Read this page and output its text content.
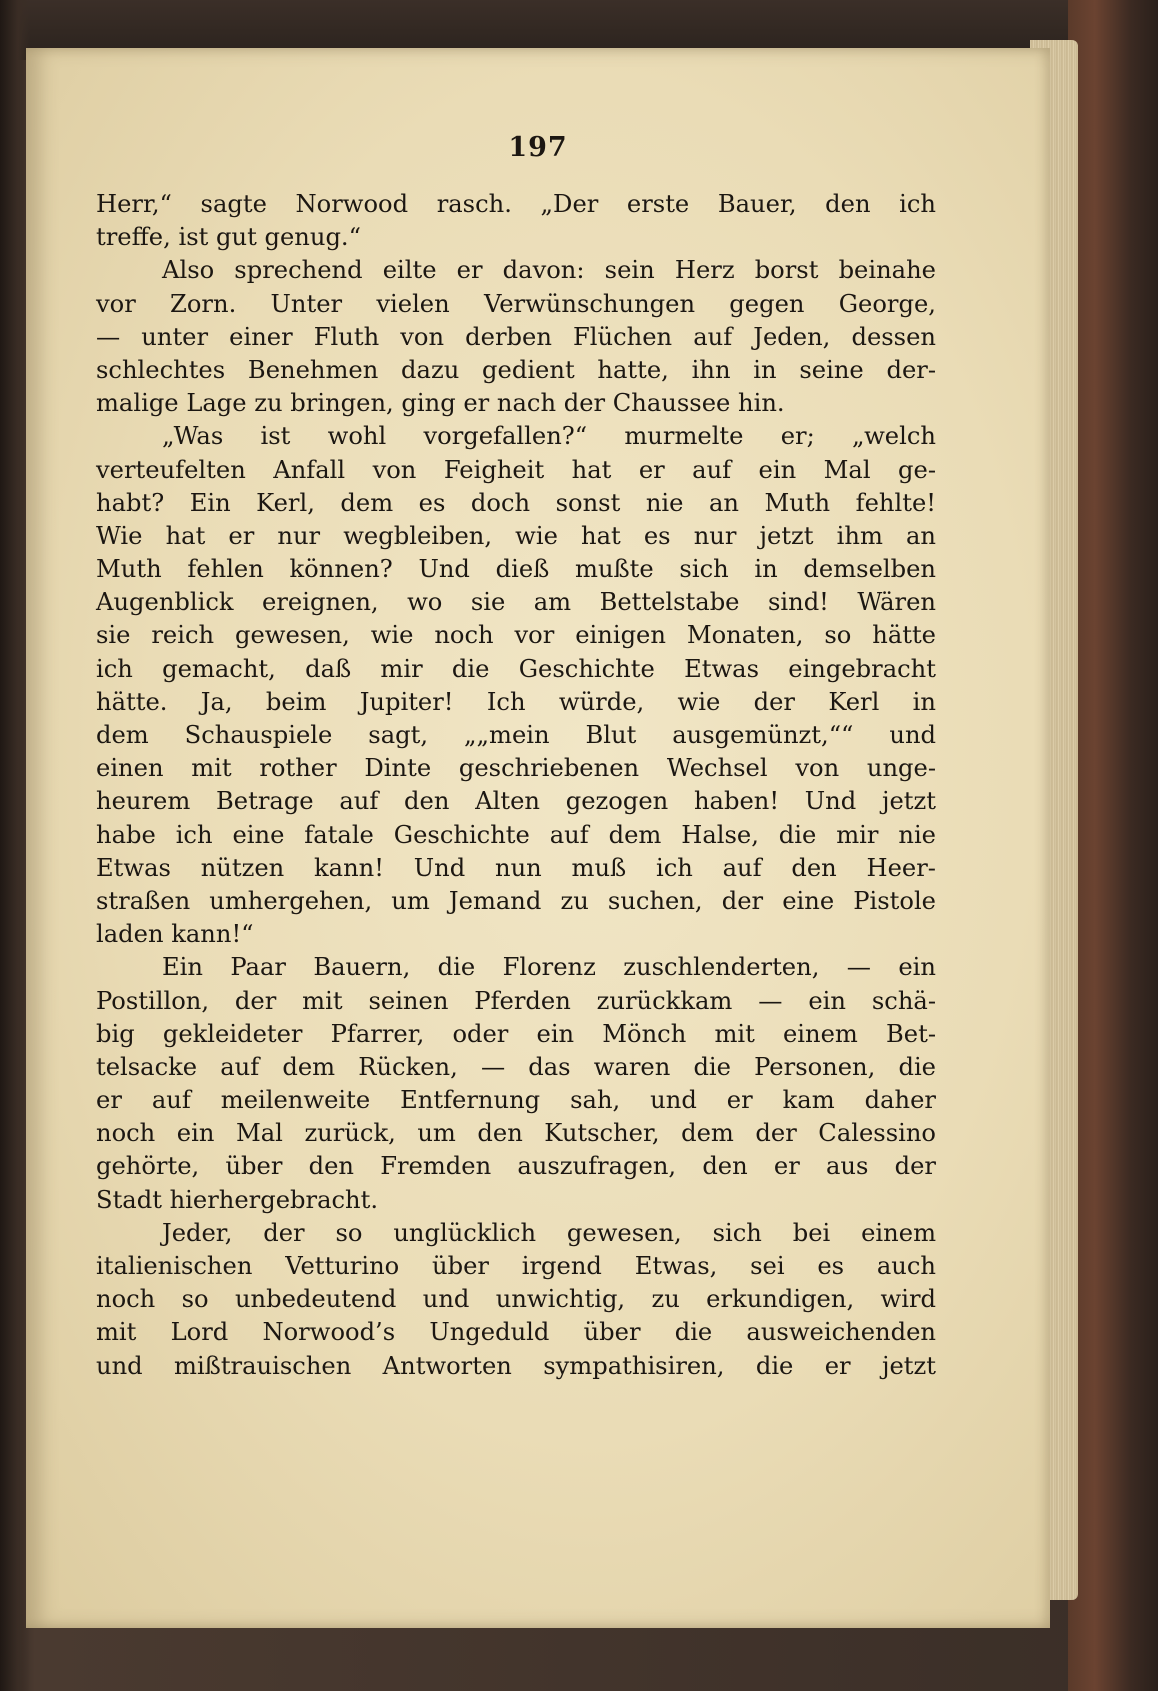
197
Herr,“ sagte Norwood rasch. „Der erste Bauer, den ich
treffe, ist gut genug.“
Also sprechend eilte er davon: sein Herz borst beinahe
vor Zorn. Unter vielen Verwünschungen gegen George,
— unter einer Fluth von derben Flüchen auf Jeden, dessen
schlechtes Benehmen dazu gedient hatte, ihn in seine der-
malige Lage zu bringen, ging er nach der Chaussee hin.
„Was ist wohl vorgefallen?“ murmelte er; „welch
verteufelten Anfall von Feigheit hat er auf ein Mal ge-
habt? Ein Kerl, dem es doch sonst nie an Muth fehlte!
Wie hat er nur wegbleiben, wie hat es nur jetzt ihm an
Muth fehlen können? Und dieß mußte sich in demselben
Augenblick ereignen, wo sie am Bettelstabe sind! Wären
sie reich gewesen, wie noch vor einigen Monaten, so hätte
ich gemacht, daß mir die Geschichte Etwas eingebracht
hätte. Ja, beim Jupiter! Ich würde, wie der Kerl in
dem Schauspiele sagt, „„mein Blut ausgemünzt,““ und
einen mit rother Dinte geschriebenen Wechsel von unge-
heurem Betrage auf den Alten gezogen haben! Und jetzt
habe ich eine fatale Geschichte auf dem Halse, die mir nie
Etwas nützen kann! Und nun muß ich auf den Heer-
straßen umhergehen, um Jemand zu suchen, der eine Pistole
laden kann!“
Ein Paar Bauern, die Florenz zuschlenderten, — ein
Postillon, der mit seinen Pferden zurückkam — ein schä-
big gekleideter Pfarrer, oder ein Mönch mit einem Bet-
telsacke auf dem Rücken, — das waren die Personen, die
er auf meilenweite Entfernung sah, und er kam daher
noch ein Mal zurück, um den Kutscher, dem der Calessino
gehörte, über den Fremden auszufragen, den er aus der
Stadt hierhergebracht.
Jeder, der so unglücklich gewesen, sich bei einem
italienischen Vetturino über irgend Etwas, sei es auch
noch so unbedeutend und unwichtig, zu erkundigen, wird
mit Lord Norwood’s Ungeduld über die ausweichenden
und mißtrauischen Antworten sympathisiren, die er jetzt
